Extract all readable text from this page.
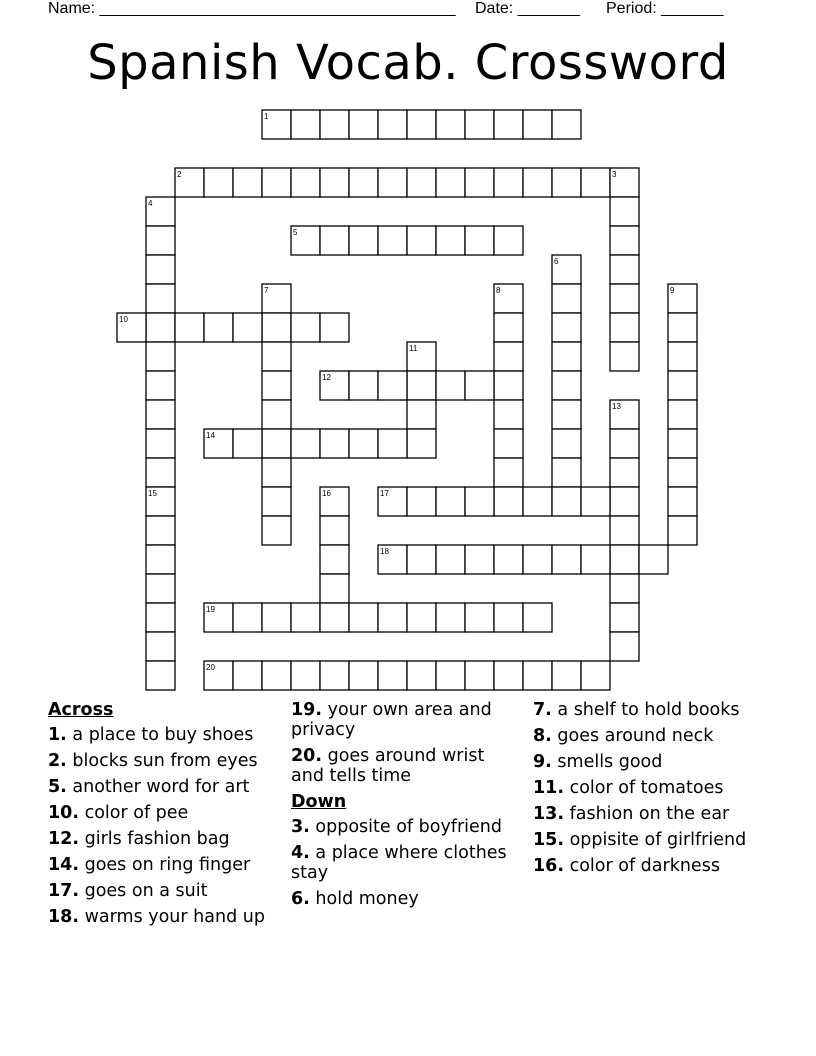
Name: ________________________________________

Date: _______

Period: _______

Spanish Vocab. Crossword
1
2	3
4
5
6
7	8	9
10
11
12
13
14
15	16	17
18
19
20
Across
1. a place to buy shoes
2. blocks sun from eyes
5. another word for art
10. color of pee
12. girls fashion bag
14. goes on ring finger
17. goes on a suit
18. warms your hand up
19. your own area and privacy
20. goes around wrist and tells time
Down
3. opposite of boyfriend
4. a place where clothes stay
6. hold money
7. a shelf to hold books
8. goes around neck
9. smells good
11. color of tomatoes
13. fashion on the ear
15. oppisite of girlfriend
16. color of darkness
